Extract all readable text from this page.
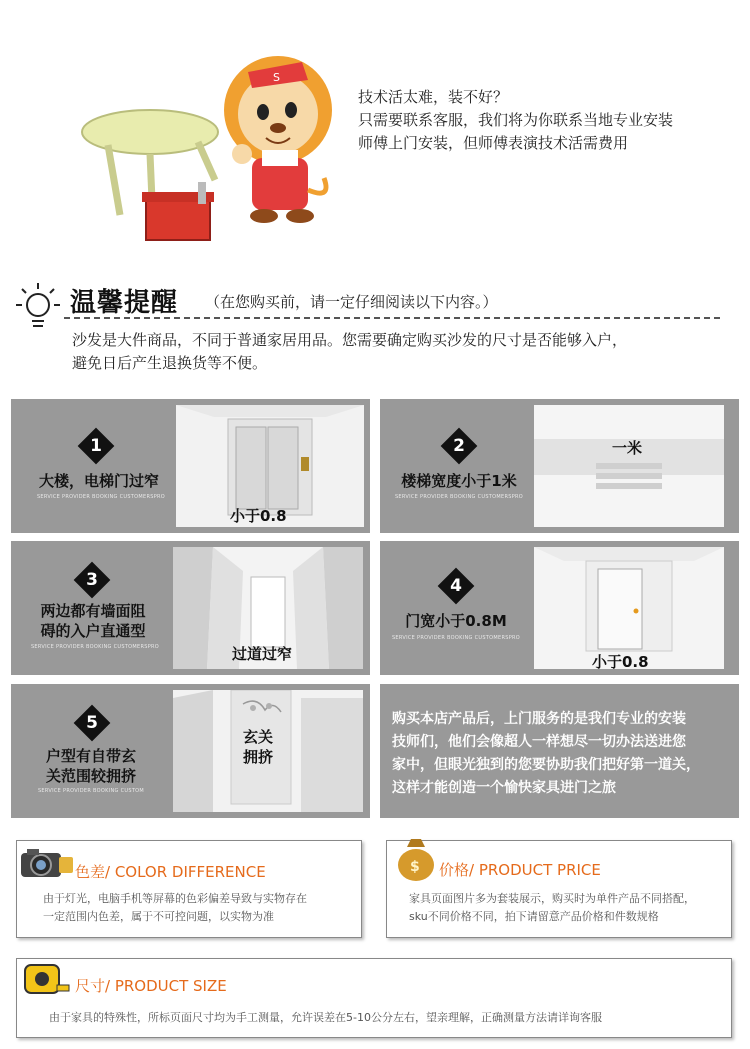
S
技术活太难，装不好？
只需要联系客服，我们将为你联系当地专业安装
师傅上门安装，但师傅表演技术活需费用
温馨提醒 （在您购买前，请一定仔细阅读以下内容。）
沙发是大件商品，不同于普通家居用品。您需要确定购买沙发的尺寸是否能够入户，
避免日后产生退换货等不便。
1
大楼，电梯门过窄
SERVICE PROVIDER BOOKING CUSTOMERSPRO
小于0.8
2
楼梯宽度小于1米
SERVICE PROVIDER BOOKING CUSTOMERSPRO
一米
3
两边都有墙面阻
碍的入户直通型
SERVICE PROVIDER BOOKING CUSTOMERSPRO	过道过窄
4
门宽小于0.8M
SERVICE PROVIDER BOOKING CUSTOMERSPRO
小于0.8
5
户型有自带玄
关范围较拥挤
SERVICE PROVIDER BOOKING CUSTOM
玄关
拥挤
购买本店产品后，上门服务的是我们专业的安装
技师们，他们会像超人一样想尽一切办法送进您
家中，但眼光独到的您要协助我们把好第一道关，
这样才能创造一个愉快家具进门之旅
色差/ COLOR DIFFERENCE
由于灯光，电脑手机等屏幕的色彩偏差导致与实物存在
一定范围内色差，属于不可控问题，以实物为准
$ 价格/ PRODUCT PRICE
家具页面图片多为套装展示，购买时为单件产品不同搭配，
sku不同价格不同，拍下请留意产品价格和件数规格
尺寸/ PRODUCT SIZE
由于家具的特殊性，所标页面尺寸均为手工测量，允许误差在5-10公分左右，望亲理解，正确测量方法请详询客服
